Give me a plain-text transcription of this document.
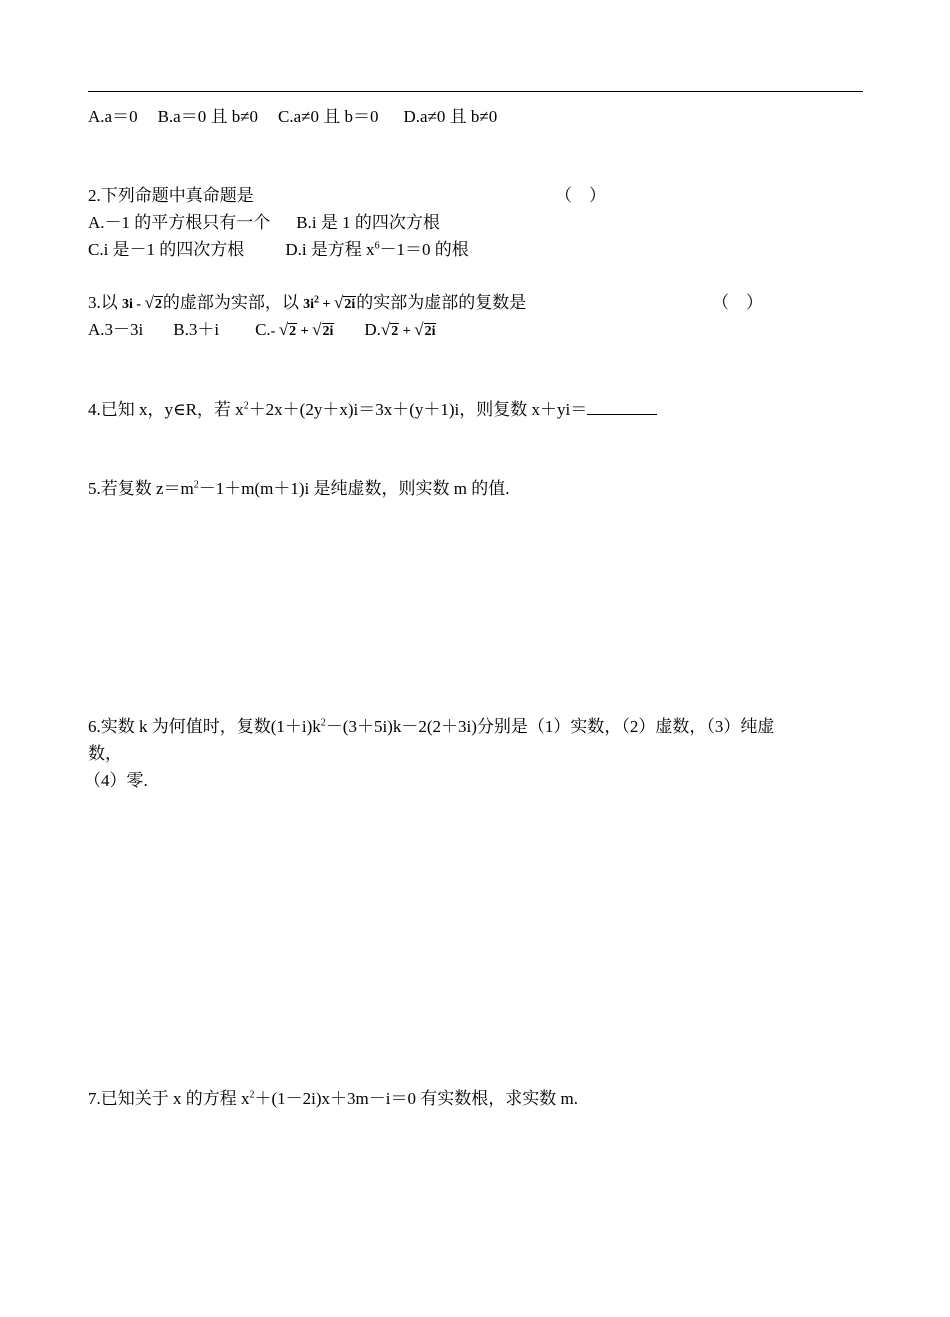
A.a＝0 B.a＝0 且 b≠0 C.a≠0 且 b＝0 D.a≠0 且 b≠0
2.下列命题中真命题是	（　）
A.－1 的平方根只有一个 B.i 是 1 的四次方根
C.i 是－1 的四次方根 D.i 是方程 $x^6-1=0$ 的根
3.以 3i - √2的虚部为实部，以 $3i^2 + √2i$的实部为虚部的复数是	（　）
A.3－3i B.3＋i C.- √2 + √2i D.√2 + √2i
4.已知 x，y∈R，若 $x^2+2x+(2y+x)i=3x+(y+1)i$，则复数 x＋yi＝
5.若复数 $z=m^2-1+m(m+1)i$ 是纯虚数，则实数 m 的值.
6.实数 k 为何值时，复数$(1+i)k^2-(3+5i)k-2(2+3i)$分别是（1）实数，（2）虚数，（3）纯虚
数，
（4）零.
7.已知关于 x 的方程 $x^2+(1-2i)x+3m-i=0$ 有实数根，求实数 m.
